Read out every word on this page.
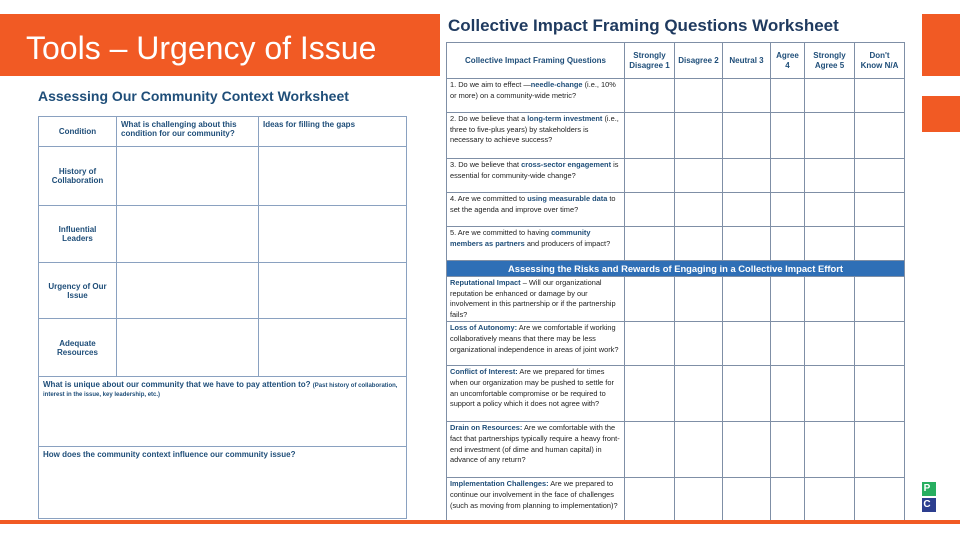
Tools – Urgency of Issue
P
C
Assessing Our Community Context Worksheet
Condition	What is challenging about this condition for our community?	Ideas for filling the gaps
History of Collaboration		
Influential Leaders		
Urgency of Our Issue		
Adequate Resources		
What is unique about our community that we have to pay attention to? (Past history of collaboration, interest in the issue, key leadership, etc.)		
How does the community context influence our community issue?		
Collective Impact Framing Questions Worksheet
Collective Impact Framing Questions	Strongly Disagree 1	Disagree 2	Neutral 3	Agree 4	Strongly Agree 5	Don't Know N/A
1. Do we aim to effect —needle-change (i.e., 10% or more) on a community-wide metric?						
2. Do we believe that a long-term investment (i.e., three to five-plus years) by stakeholders is necessary to achieve success?						
3. Do we believe that cross-sector engagement is essential for community-wide change?						
4. Are we committed to using measurable data to set the agenda and improve over time?						
5. Are we committed to having community members as partners and producers of impact?						
Assessing the Risks and Rewards of Engaging in a Collective Impact Effort						
Reputational Impact – Will our organizational reputation be enhanced or damage by our involvement in this partnership or if the partnership fails?						
Loss of Autonomy: Are we comfortable if working collaboratively means that there may be less organizational independence in areas of joint work?						
Conflict of Interest: Are we prepared for times when our organization may be pushed to settle for an uncomfortable compromise or be required to support a policy which it does not agree with?						
Drain on Resources: Are we comfortable with the fact that partnerships typically require a heavy front-end investment (of dime and human capital) in advance of any return?						
Implementation Challenges: Are we prepared to continue our involvement in the face of challenges (such as moving from planning to implementation)?						
